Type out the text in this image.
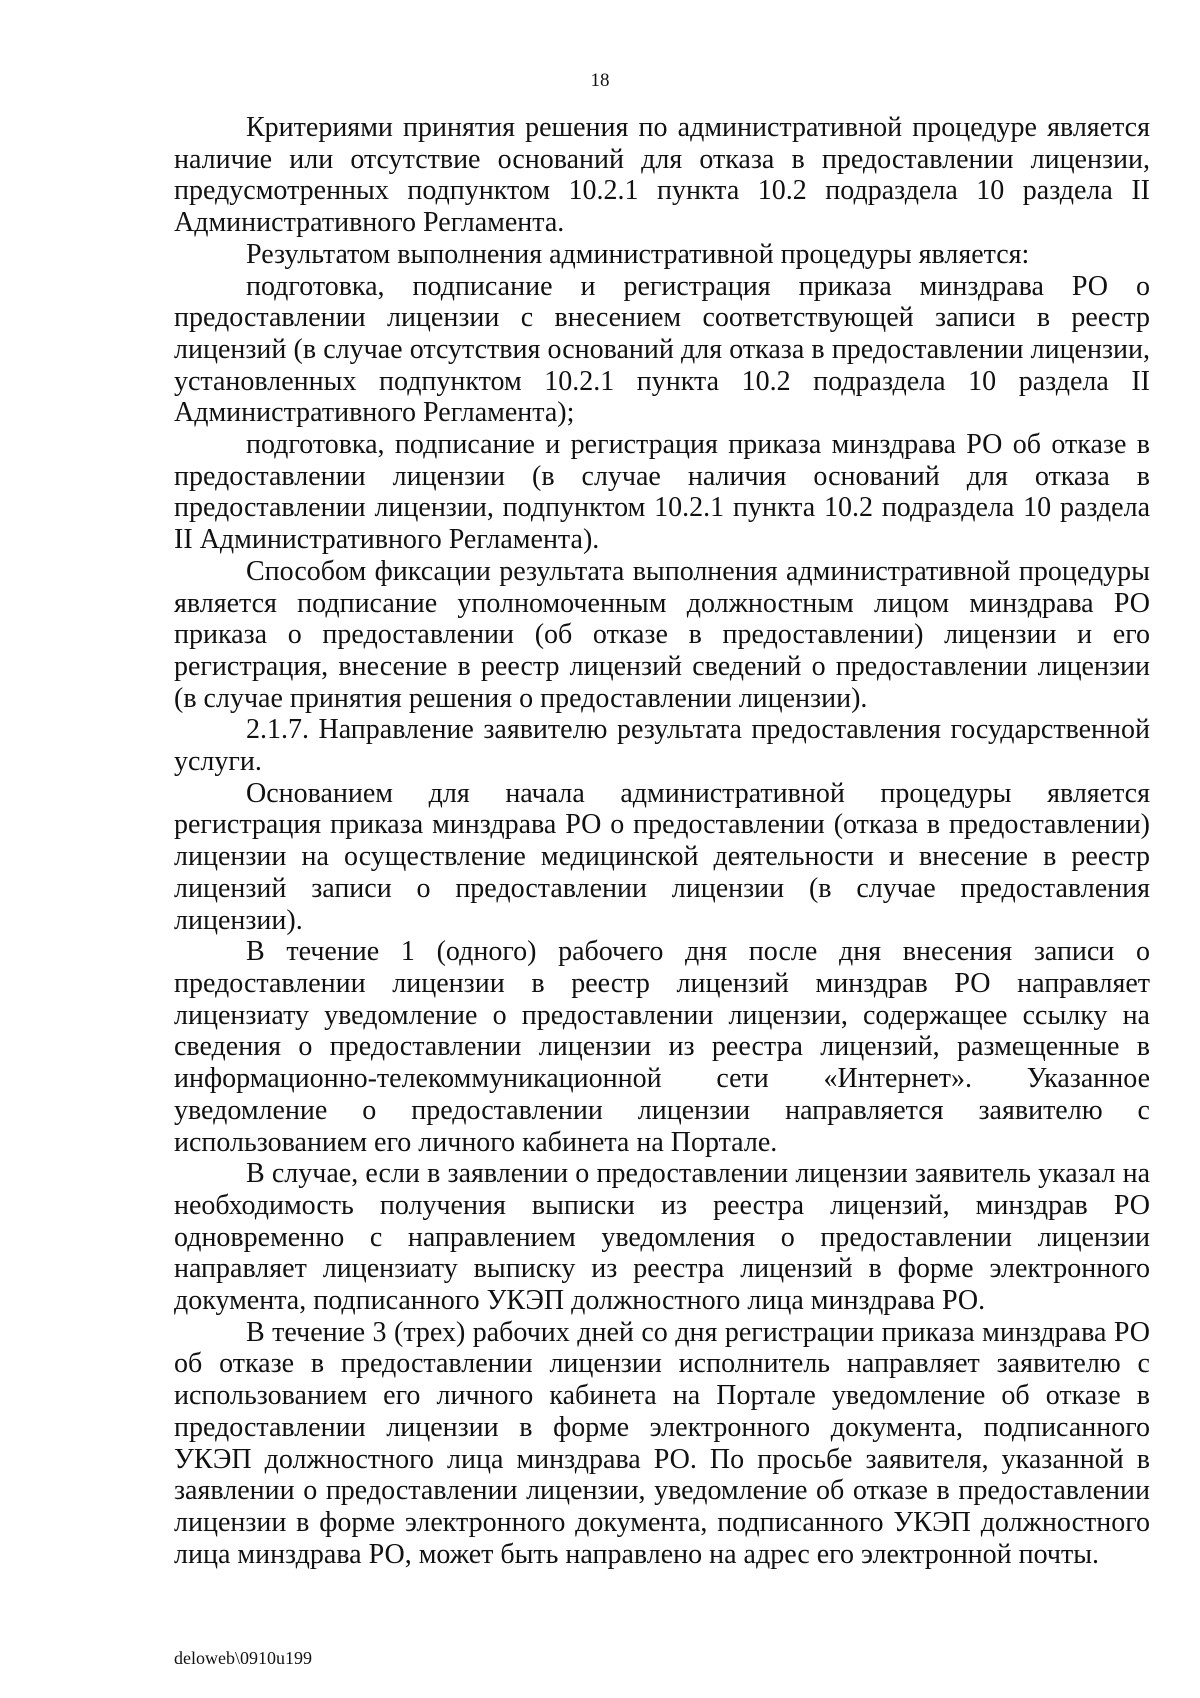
18

Критериями принятия решения по административной процедуре является наличие или отсутствие оснований для отказа в предоставлении лицензии, предусмотренных подпунктом 10.2.1 пункта 10.2 подраздела 10 раздела II Административного Регламента.

Результатом выполнения административной процедуры является:

подготовка, подписание и регистрация приказа минздрава РО о предоставлении лицензии с внесением соответствующей записи в реестр лицензий (в случае отсутствия оснований для отказа в предоставлении лицензии, установленных подпунктом 10.2.1 пункта 10.2 подраздела 10 раздела II Административного Регламента);

подготовка, подписание и регистрация приказа минздрава РО об отказе в предоставлении лицензии (в случае наличия оснований для отказа в предоставлении лицензии, подпунктом 10.2.1 пункта 10.2 подраздела 10 раздела II Административного Регламента).

Способом фиксации результата выполнения административной процедуры является подписание уполномоченным должностным лицом минздрава РО приказа о предоставлении (об отказе в предоставлении) лицензии и его регистрация, внесение в реестр лицензий сведений о предоставлении лицензии (в случае принятия решения о предоставлении лицензии).

2.1.7. Направление заявителю результата предоставления государственной услуги.

Основанием для начала административной процедуры является регистрация приказа минздрава РО о предоставлении (отказа в предоставлении) лицензии на осуществление медицинской деятельности и внесение в реестр лицензий записи о предоставлении лицензии (в случае предоставления лицензии).

В течение 1 (одного) рабочего дня после дня внесения записи о предоставлении лицензии в реестр лицензий минздрав РО направляет лицензиату уведомление о предоставлении лицензии, содержащее ссылку на сведения о предоставлении лицензии из реестра лицензий, размещенные в информационно-телекоммуникационной сети «Интернет». Указанное уведомление о предоставлении лицензии направляется заявителю с использованием его личного кабинета на Портале.

В случае, если в заявлении о предоставлении лицензии заявитель указал на необходимость получения выписки из реестра лицензий, минздрав РО одновременно с направлением уведомления о предоставлении лицензии направляет лицензиату выписку из реестра лицензий в форме электронного документа, подписанного УКЭП должностного лица минздрава РО.

В течение 3 (трех) рабочих дней со дня регистрации приказа минздрава РО об отказе в предоставлении лицензии исполнитель направляет заявителю с использованием его личного кабинета на Портале уведомление об отказе в предоставлении лицензии в форме электронного документа, подписанного УКЭП должностного лица минздрава РО. По просьбе заявителя, указанной в заявлении о предоставлении лицензии, уведомление об отказе в предоставлении лицензии в форме электронного документа, подписанного УКЭП должностного лица минздрава РО, может быть направлено на адрес его электронной почты.

deloweb\0910u199
